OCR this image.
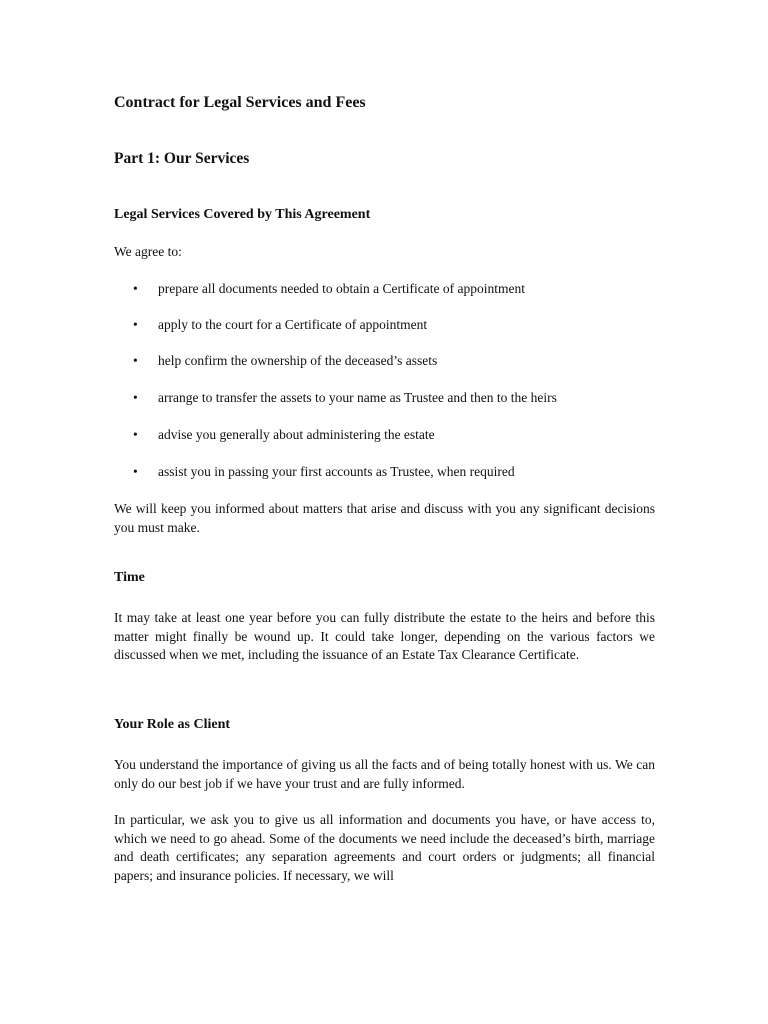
Contract for Legal Services and Fees
Part 1: Our Services
Legal Services Covered by This Agreement

We agree to:

•	prepare all documents needed to obtain a Certificate of appointment
•	apply to the court for a Certificate of appointment
•	help confirm the ownership of the deceased’s assets
•	arrange to transfer the assets to your name as Trustee and then to the heirs
•	advise you generally about administering the estate
•	assist you in passing your first accounts as Trustee, when required

We will keep you informed about matters that arise and discuss with you any significant decisions you must make.

Time

It may take at least one year before you can fully distribute the estate to the heirs and before this matter might finally be wound up. It could take longer, depending on the various factors we discussed when we met, including the issuance of an Estate Tax Clearance Certificate.

Your Role as Client

You understand the importance of giving us all the facts and of being totally honest with us. We can only do our best job if we have your trust and are fully informed.

In particular, we ask you to give us all information and documents you have, or have access to, which we need to go ahead. Some of the documents we need include the deceased’s birth, marriage and death certificates; any separation agreements and court orders or judgments; all financial papers; and insurance policies. If necessary, we will
